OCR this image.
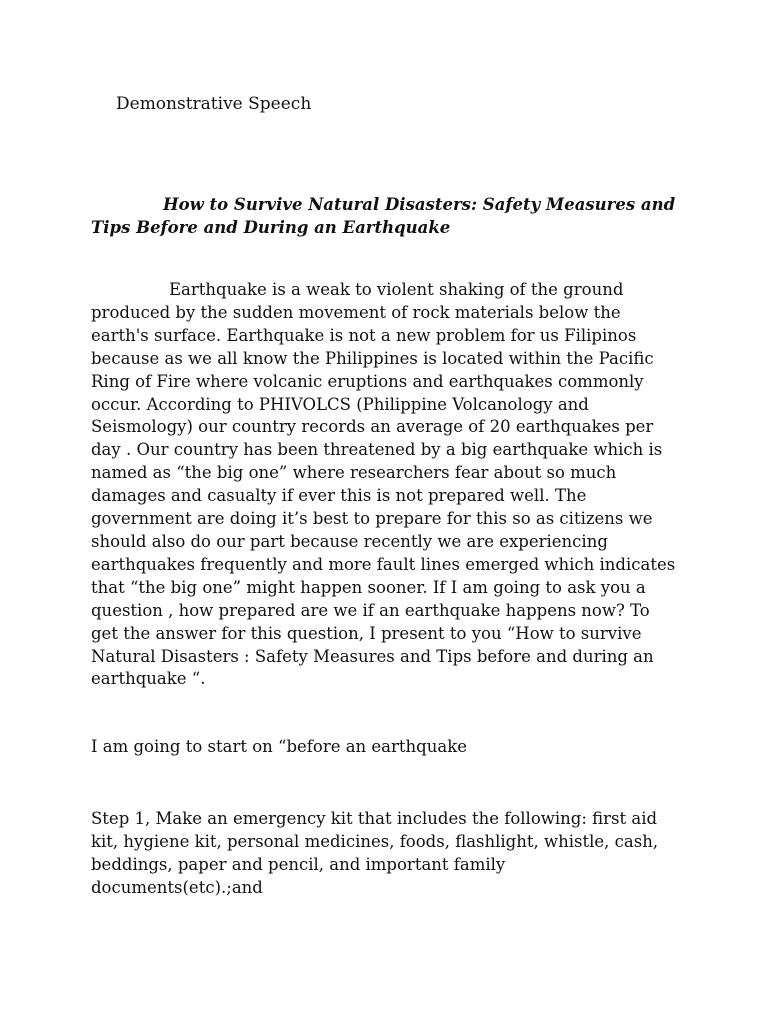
Demonstrative Speech
How to Survive Natural Disasters: Safety Measures and Tips Before and During an Earthquake
Earthquake is a weak to violent shaking of the ground produced by the sudden movement of rock materials below the earth's surface. Earthquake is not a new problem for us Filipinos because as we all know the Philippines is located within the Pacific Ring of Fire where volcanic eruptions and earthquakes commonly occur. According to PHIVOLCS (Philippine Volcanology and Seismology) our country records an average of 20 earthquakes per day . Our country has been threatened by a big earthquake which is named as “the big one” where researchers fear about so much damages and casualty if ever this is not prepared well. The government are doing it’s best to prepare for this so as citizens we should also do our part because recently we are experiencing earthquakes frequently and more fault lines emerged which indicates that “the big one” might happen sooner. If I am going to ask you a question , how prepared are we if an earthquake happens now? To get the answer for this question, I present to you “How to survive Natural Disasters : Safety Measures and Tips before and during an earthquake “.
I am going to start on “before an earthquake
Step 1, Make an emergency kit that includes the following: first aid kit, hygiene kit, personal medicines, foods, flashlight, whistle, cash, beddings, paper and pencil, and important family documents(etc).;and
